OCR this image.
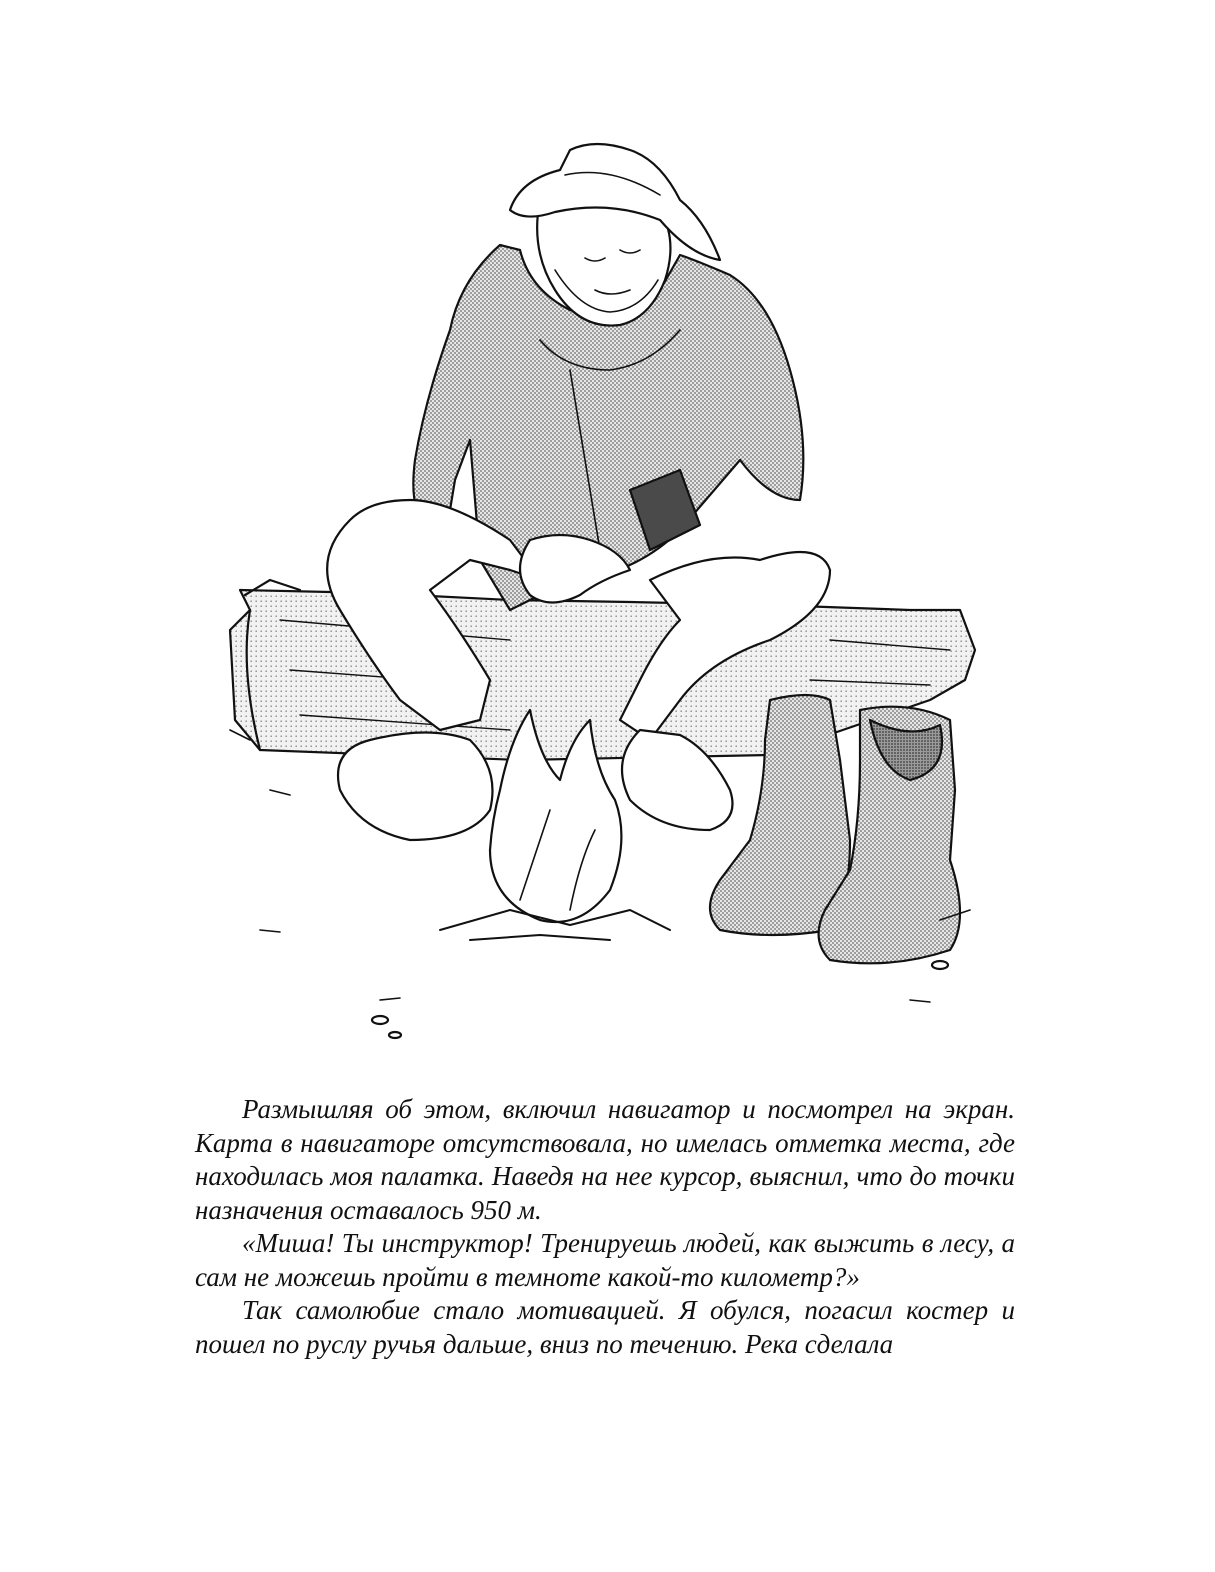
Размышляя об этом, включил навигатор и посмотрел на экран. Карта в навигаторе отсутствовала, но имелась отметка места, где находилась моя палатка. Наведя на нее курсор, выяснил, что до точки назначения оставалось 950 м.

«Миша! Ты инструктор! Тренируешь людей, как выжить в лесу, а сам не можешь пройти в темноте какой-то километр?»

Так самолюбие стало мотивацией. Я обулся, погасил костер и пошел по руслу ручья дальше, вниз по течению. Река сделала
